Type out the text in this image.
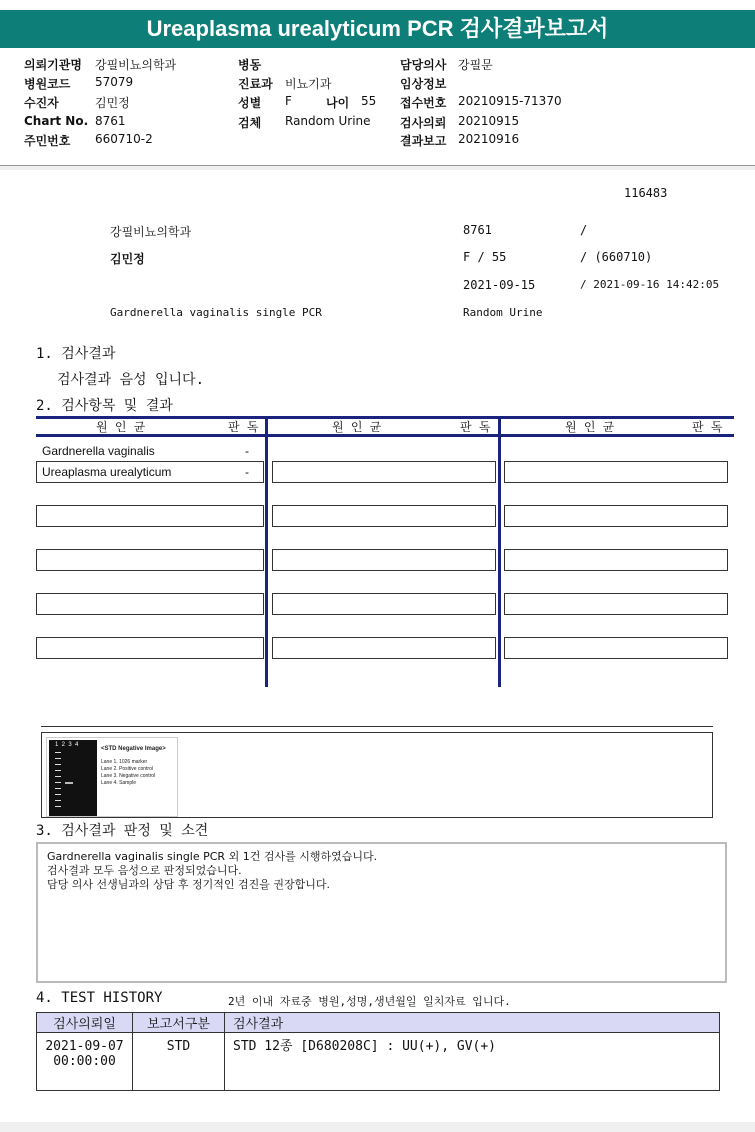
Ureaplasma urealyticum PCR 검사결과보고서
의뢰기관명 강필비뇨의학과
병원코드 57079
수진자	김민정
Chart No. 8761
주민번호 660710-2
병동
진료과 비뇨기과
성별 F	나이 55
검체 Random Urine
담당의사 강필문
임상정보
접수번호 20210915-71370
검사의뢰 20210915
결과보고 20210916
116483
강필비뇨의학과	8761	/
김민정	F / 55	/ (660710)
2021-09-15	/ 2021-09-16 14:42:05
Gardnerella vaginalis single PCR	Random Urine
1. 검사결과
검사결과 음성 입니다.
2. 검사항목 및 결과
원 인 균	판 독	원 인 균	판 독	원 인 균	판 독
Gardnerella vaginalis	-
Ureaplasma urealyticum	-
1  2  3  4
<STD Negative Image>
Lane 1. 1026 marker
Lane 2. Positive control
Lane 3. Negative control
Lane 4. Sample
3. 검사결과 판정 및 소견
Gardnerella vaginalis single PCR 외 1건 검사를 시행하였습니다.
검사결과 모두 음성으로 판정되었습니다.
담당 의사 선생님과의 상담 후 정기적인 검진을 권장합니다.
4. TEST HISTORY	2년 이내 자료중 병원,성명,생년월일 일치자료 입니다.
검사의뢰일	보고서구분	검사결과

2021-09-07
00:00:00	STD	STD 12종 [D680208C] : UU(+), GV(+)
